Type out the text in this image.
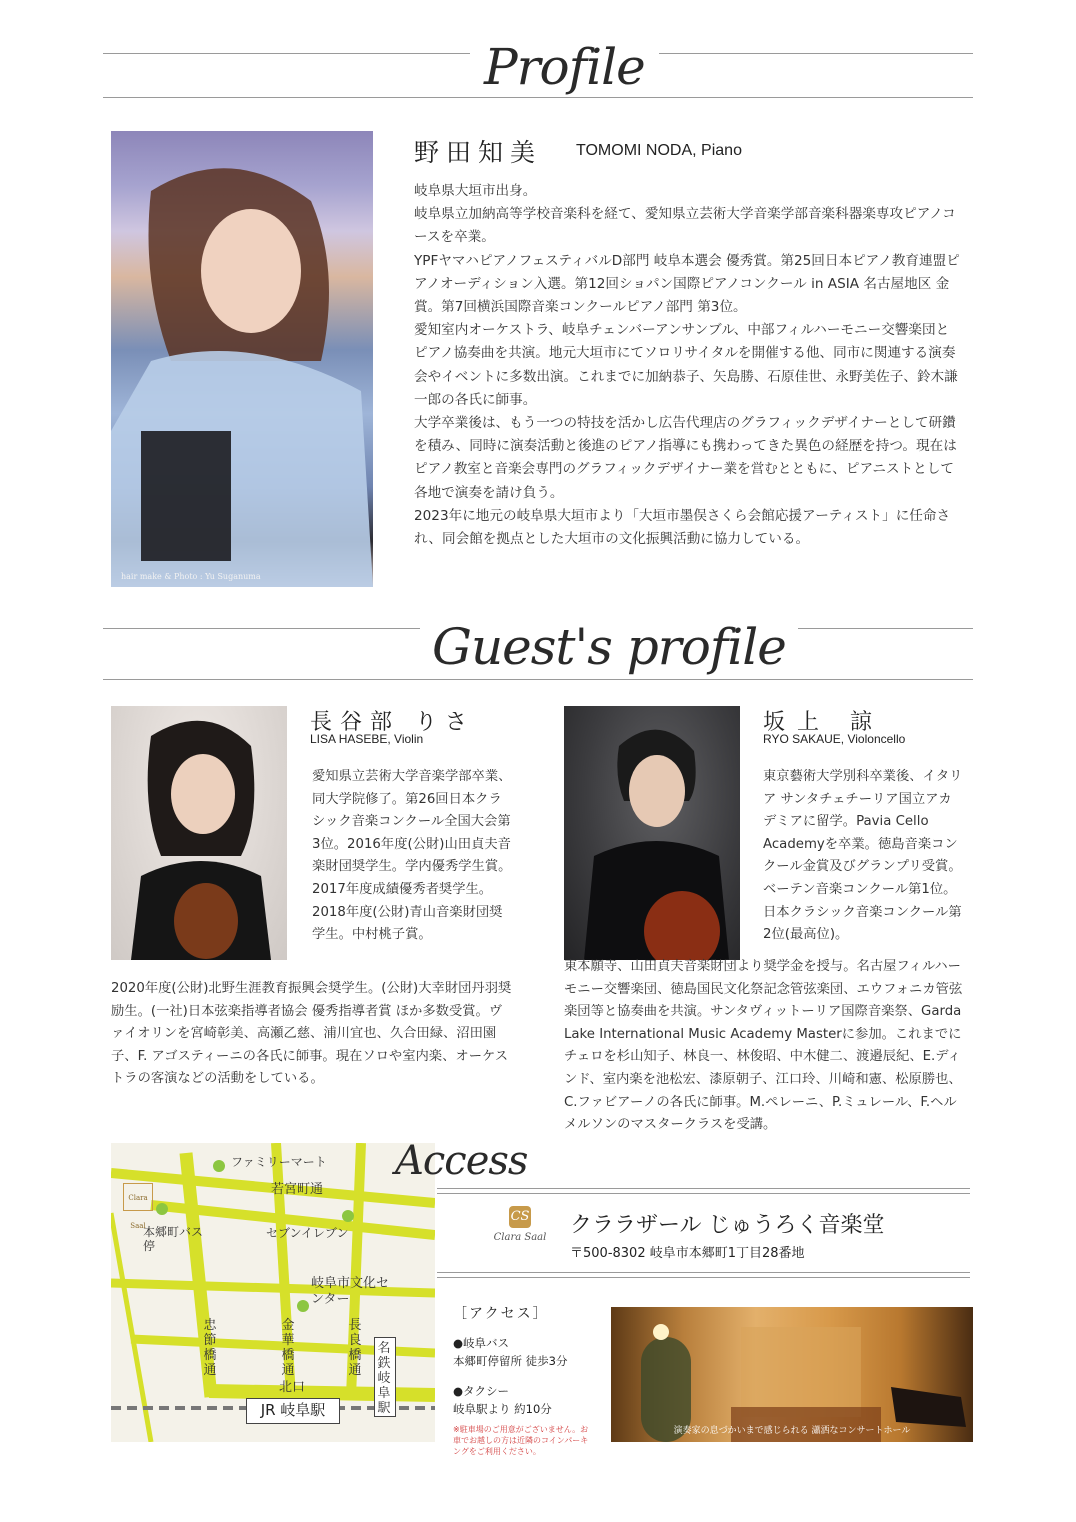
Profile
hair make & Photo : Yu Suganuma
野田知美 TOMOMI NODA, Piano

岐阜県大垣市出身。

岐阜県立加納高等学校音楽科を経て、愛知県立芸術大学音楽学部音楽科器楽専攻ピアノコースを卒業。

YPFヤマハピアノフェスティバルD部門 岐阜本選会 優秀賞。第25回日本ピアノ教育連盟ピアノオーディション入選。第12回ショパン国際ピアノコンクール in ASIA 名古屋地区 金賞。第7回横浜国際音楽コンクールピアノ部門 第3位。

愛知室内オーケストラ、岐阜チェンバーアンサンブル、中部フィルハーモニー交響楽団とピアノ協奏曲を共演。地元大垣市にてソロリサイタルを開催する他、同市に関連する演奏会やイベントに多数出演。これまでに加納恭子、矢島勝、石原佳世、永野美佐子、鈴木謙一郎の各氏に師事。

大学卒業後は、もう一つの特技を活かし広告代理店のグラフィックデザイナーとして研鑽を積み、同時に演奏活動と後進のピアノ指導にも携わってきた異色の経歴を持つ。現在はピアノ教室と音楽会専門のグラフィックデザイナー業を営むとともに、ピアニストとして各地で演奏を請け負う。

2023年に地元の岐阜県大垣市より「大垣市墨俣さくら会館応援アーティスト」に任命され、同会館を拠点とした大垣市の文化振興活動に協力している。

Guest's profile
長谷部 りさ
LISA HASEBE, Violin
愛知県立芸術大学音楽学部卒業、同大学院修了。第26回日本クラシック音楽コンクール全国大会第3位。2016年度(公財)山田貞夫音楽財団奨学生。学内優秀学生賞。2017年度成績優秀者奨学生。2018年度(公財)青山音楽財団奨学生。中村桃子賞。
2020年度(公財)北野生涯教育振興会奨学生。(公財)大幸財団丹羽奨励生。(一社)日本弦楽指導者協会 優秀指導者賞 ほか多数受賞。ヴァイオリンを宮崎彰美、高瀬乙慈、浦川宜也、久合田緑、沼田園子、F. アゴスティーニの各氏に師事。現在ソロや室内楽、オーケストラの客演などの活動をしている。
坂上 諒
RYO SAKAUE, Violoncello
東京藝術大学別科卒業後、イタリア サンタチェチーリア国立アカデミアに留学。Pavia Cello Academyを卒業。徳島音楽コンクール金賞及びグランプリ受賞。ベーテン音楽コンクール第1位。日本クラシック音楽コンクール第2位(最高位)。
東本願寺、山田貞夫音楽財団より奨学金を授与。名古屋フィルハーモニー交響楽団、徳島国民文化祭記念管弦楽団、エウフォニカ管弦楽団等と協奏曲を共演。サンタヴィットーリア国際音楽祭、Garda Lake International Music Academy Masterに参加。これまでにチェロを杉山知子、林良一、林俊昭、中木健二、渡邉辰紀、E.ディンド、室内楽を池松宏、漆原朝子、江口玲、川崎和憲、松原勝也、C.ファビアーノの各氏に師事。M.ペレーニ、P.ミュレール、F.ヘルメルソンのマスタークラスを受講。
ファミリーマート
若宮町通
セブンイレブン
本郷町バス停
Clara Saal
岐阜市文化センター
忠節橋通
金華橋通
長良橋通
名鉄岐阜駅
北口
JR 岐阜駅
Access
CS
Clara Saal クララザール じゅうろく音楽堂
〒500-8302 岐阜市本郷町1丁目28番地
［アクセス］
●岐阜バス
本郷町停留所 徒歩3分
●タクシー
岐阜駅より 約10分
※駐車場のご用意がございません。お車でお越しの方は近隣のコインパーキングをご利用ください。
演奏家の息づかいまで感じられる 瀟洒なコンサートホール
